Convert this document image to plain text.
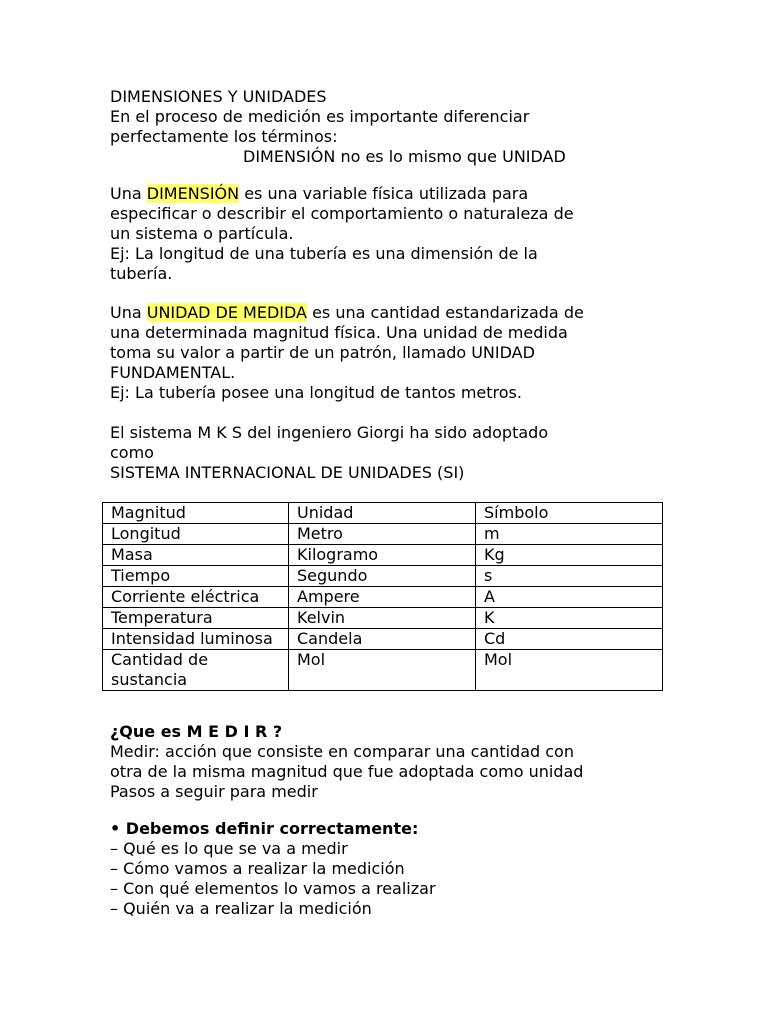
DIMENSIONES Y UNIDADES
En el proceso de medición es importante diferenciar
perfectamente los términos:
DIMENSIÓN no es lo mismo que UNIDAD
Una DIMENSIÓN es una variable física utilizada para
especificar o describir el comportamiento o naturaleza de
un sistema o partícula.
Ej: La longitud de una tubería es una dimensión de la
tubería.
Una UNIDAD DE MEDIDA es una cantidad estandarizada de
una determinada magnitud física. Una unidad de medida
toma su valor a partir de un patrón, llamado UNIDAD
FUNDAMENTAL.
Ej: La tubería posee una longitud de tantos metros.
El sistema M K S del ingeniero Giorgi ha sido adoptado
como
SISTEMA INTERNACIONAL DE UNIDADES (SI)
Magnitud	Unidad	Símbolo
Longitud	Metro	m
Masa	Kilogramo	Kg
Tiempo	Segundo	s
Corriente eléctrica	Ampere	A
Temperatura	Kelvin	K
Intensidad luminosa	Candela	Cd
Cantidad de sustancia	Mol	Mol
¿Que es M E D I R ?
Medir: acción que consiste en comparar una cantidad con
otra de la misma magnitud que fue adoptada como unidad
Pasos a seguir para medir
• Debemos definir correctamente:
– Qué es lo que se va a medir
– Cómo vamos a realizar la medición
– Con qué elementos lo vamos a realizar
– Quién va a realizar la medición
